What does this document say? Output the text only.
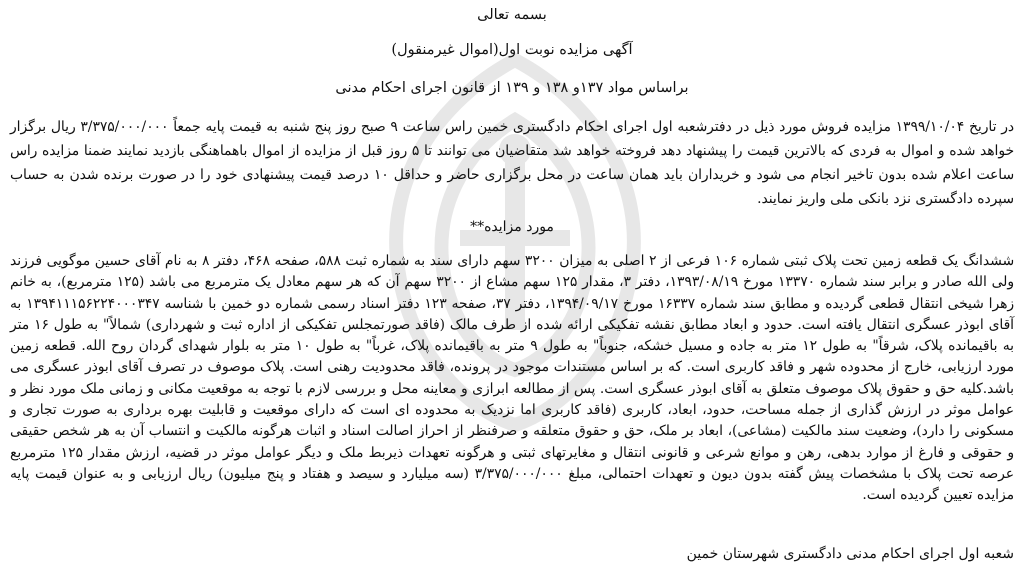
بسمه تعالی
آگهی مزایده نوبت اول(اموال غیرمنقول)
براساس مواد ۱۳۷و ۱۳۸ و ۱۳۹ از قانون اجرای احکام مدنی

در تاریخ ۱۳۹۹/۱۰/۰۴ مزایده فروش مورد ذیل در دفترشعبه اول اجرای احکام دادگستری خمین راس ساعت ۹ صبح روز پنج شنبه به قیمت پایه جمعاً ۳/۳۷۵/۰۰۰/۰۰۰ ریال برگزار خواهد شده و اموال به فردی که بالاترین قیمت را پیشنهاد دهد فروخته خواهد شد متقاضیان می توانند تا ۵ روز قبل از مزایده از اموال باهماهنگی بازدید نمایند ضمنا مزایده راس ساعت اعلام شده بدون تاخیر انجام می شود و خریداران باید همان ساعت در محل برگزاری حاضر و حداقل ۱۰ درصد قیمت پیشنهادی خود را در صورت برنده شدن به حساب سپرده دادگستری نزد بانکی ملی واریز نمایند.

مورد مزایده**

ششدانگ یک قطعه زمین تحت پلاک ثبتی شماره ۱۰۶ فرعی از ۲ اصلی به میزان ۳۲۰۰ سهم دارای سند به شماره ثبت ۵۸۸، صفحه ۴۶۸، دفتر ۸ به نام آقای حسین موگویی فرزند ولی الله صادر و برابر سند شماره ۱۳۳۷۰ مورخ ۱۳۹۳/۰۸/۱۹، دفتر ۳، مقدار ۱۲۵ سهم مشاع از ۳۲۰۰ سهم آن که هر سهم معادل یک مترمربع می باشد (۱۲۵ مترمربع)، به خانم زهرا شیخی انتقال قطعی گردیده و مطابق سند شماره ۱۶۳۳۷ مورخ ۱۳۹۴/۰۹/۱۷، دفتر ۳۷، صفحه ۱۲۳ دفتر اسناد رسمی شماره دو خمین با شناسه ۱۳۹۴۱۱۱۵۶۲۲۴۰۰۰۳۴۷ به آقای ابوذر عسگری انتقال یافته است. حدود و ابعاد مطابق نقشه تفکیکی ارائه شده از طرف مالک (فاقد صورتمجلس تفکیکی از اداره ثبت و شهرداری) شمالاً" به طول ۱۶ متر به باقیمانده پلاک، شرقاً" به طول ۱۲ متر به جاده و مسیل خشکه، جنوباً" به طول ۹ متر به باقیمانده پلاک، غرباً" به طول ۱۰ متر به بلوار شهدای گردان روح الله. قطعه زمین مورد ارزیابی، خارج از محدوده شهر و فاقد کاربری است. که بر اساس مستندات موجود در پرونده، فاقد محدودیت رهنی است. پلاک موصوف در تصرف آقای ابوذر عسگری می باشد.کلیه حق و حقوق پلاک موصوف متعلق به آقای ابوذر عسگری است. پس از مطالعه ابرازی و معاینه محل و بررسی لازم با توجه به موقعیت مکانی و زمانی ملک مورد نظر و عوامل موثر در ارزش گذاری از جمله مساحت، حدود، ابعاد، کاربری (فاقد کاربری اما نزدیک به محدوده ای است که دارای موقعیت و قابلیت بهره برداری به صورت تجاری و مسکونی را دارد)، وضعیت سند مالکیت (مشاعی)، ابعاد بر ملک، حق و حقوق متعلقه و صرفنظر از احراز اصالت اسناد و اثبات هرگونه مالکیت و انتساب آن به هر شخص حقیقی و حقوقی و فارغ از موارد بدهی، رهن و موانع شرعی و قانونی انتقال و مغایرتهای ثبتی و هرگونه تعهدات ذیربط ملک و دیگر عوامل موثر در قضیه، ارزش مقدار ۱۲۵ مترمربع عرصه تحت پلاک با مشخصات پیش گفته بدون دیون و تعهدات احتمالی، مبلغ ۳/۳۷۵/۰۰۰/۰۰۰ (سه میلیارد و سیصد و هفتاد و پنج میلیون) ریال ارزیابی و به عنوان قیمت پایه مزایده تعیین گردیده است.

شعبه اول اجرای احکام مدنی دادگستری شهرستان خمین
